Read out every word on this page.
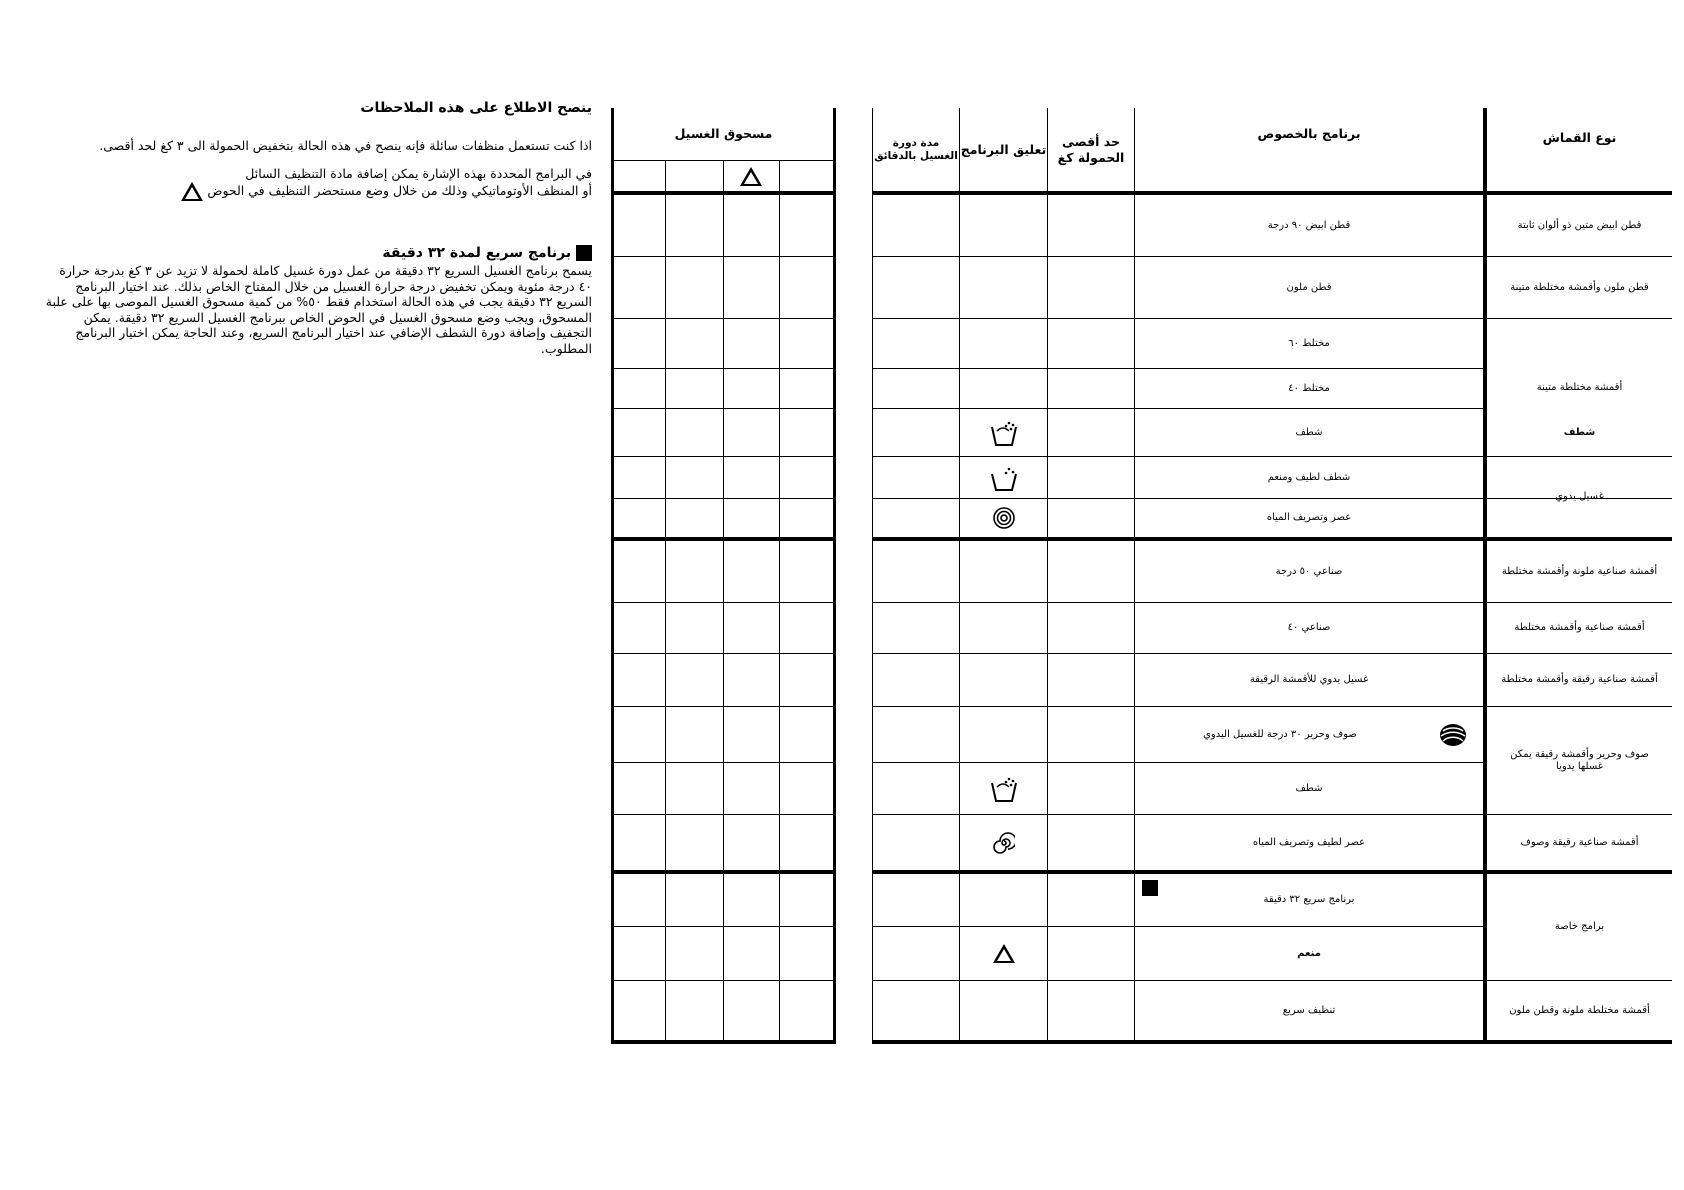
ينصح الاطلاع على هذه الملاحظات

اذا كنت تستعمل منظفات سائلة فإنه ينصح في هذه الحالة بتخفيض الحمولة الى ٣ كغ لحد أقصى.

في البرامج المحددة بهذه الإشارة يمكن إضافة مادة التنظيف السائل
أو المنظف الأوتوماتيكي وذلك من خلال وضع مستحضر التنظيف في الحوض

برنامج سريع لمدة ٣٢ دقيقة

يسمح برنامج الغسيل السريع ٣٢ دقيقة من عمل دورة غسيل كاملة لحمولة لا تزيد عن ٣ كغ بدرجة حرارة ٤٠ درجة مئوية ويمكن تخفيض درجة حرارة الغسيل من خلال المفتاح الخاص بذلك. عند اختيار البرنامج السريع ٣٢ دقيقة يجب في هذه الحالة استخدام فقط ٥٠% من كمية مسحوق الغسيل الموصى بها على علبة المسحوق، ويجب وضع مسحوق الغسيل في الحوض الخاص ببرنامج الغسيل السريع ٣٢ دقيقة. يمكن التجفيف وإضافة دورة الشطف الإضافي عند اختيار البرنامج السريع، وعند الحاجة يمكن اختيار البرنامج المطلوب.

مسحوق الغسيل
مدة دورة الغسيل بالدقائق تعليق البرنامج
حد أقصى الحمولة كغ
برنامج بالخصوص	نوع القماش
قطن ابيض ٩٠ درجة
قطن ملون
مختلط ٦٠
مختلط ٤٠
شطف
شطف لطيف ومنعم
عصر وتصريف المياه
صناعي ٥٠ درجة
صناعي ٤٠
غسيل يدوي للأقمشة الرقيقة
صوف وحرير ٣٠ درجة للغسيل اليدوي
شطف
عصر لطيف وتصريف المياه
برنامج سريع ٣٢ دقيقة
منعم
تنظيف سريع
قطن ابيض متين ذو ألوان ثابتة
قطن ملون وأقمشة مختلطة متينة
أقمشة مختلطة متينة
شطف
غسيل يدوي
أقمشة صناعية ملونة وأقمشة مختلطة
أقمشة صناعية وأقمشة مختلطة
أقمشة صناعية رقيقة وأقمشة مختلطة
صوف وحرير وأقمشة رقيقة يمكن غسلها يدويا
أقمشة صناعية رقيقة وصوف
برامج خاصة
أقمشة مختلطة ملونة وقطن ملون
